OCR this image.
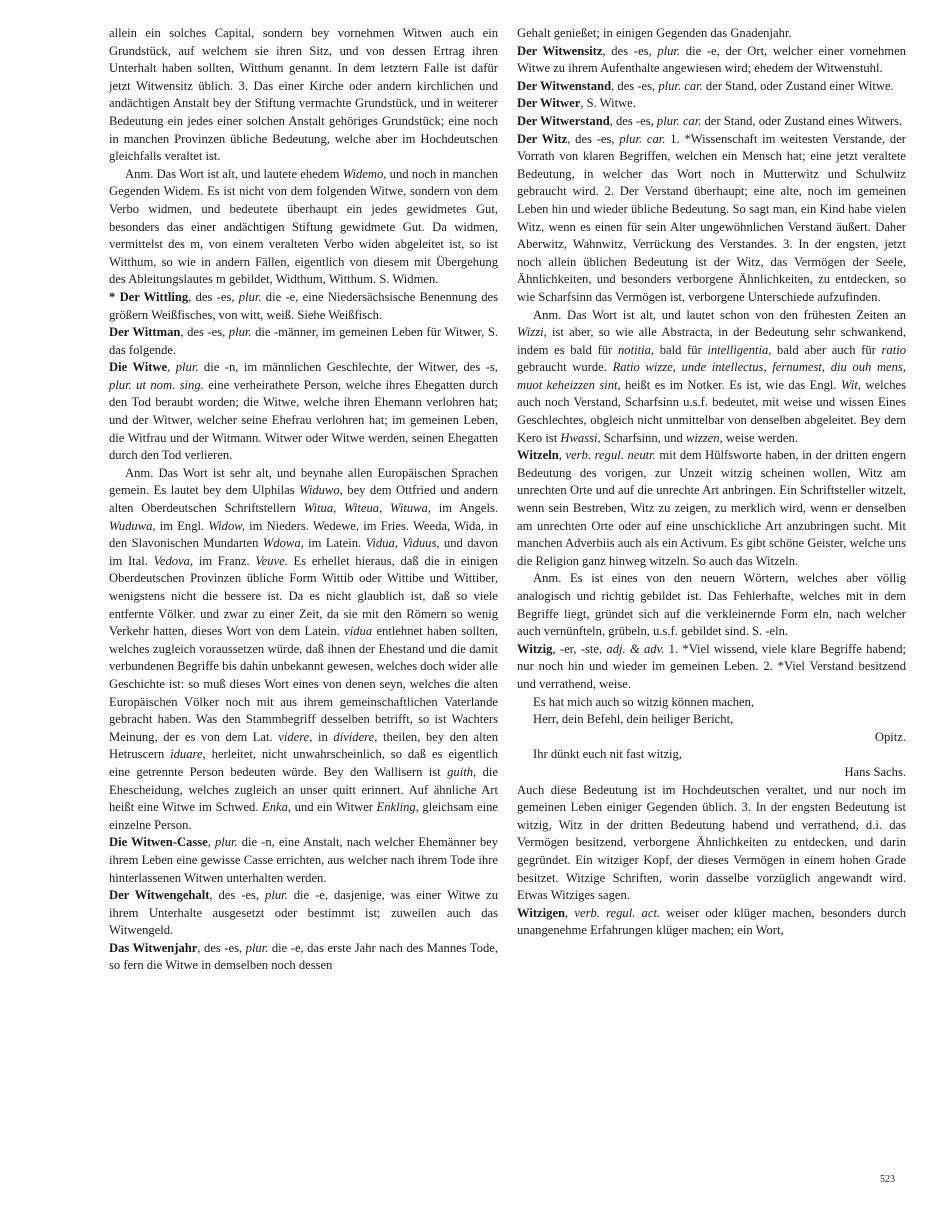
allein ein solches Capital, sondern bey vornehmen Witwen auch ein Grundstück, auf welchem sie ihren Sitz, und von dessen Ertrag ihren Unterhalt haben sollten, Witthum genannt. In dem letztern Falle ist dafür jetzt Witwensitz üblich. 3. Das einer Kirche oder andern kirchlichen und andächtigen Anstalt bey der Stiftung vermachte Grundstück, und in weiterer Bedeutung ein jedes einer solchen Anstalt gehöriges Grundstück; eine noch in manchen Provinzen übliche Bedeutung, welche aber im Hochdeutschen gleichfalls veraltet ist.

Anm. Das Wort ist alt, und lautete ehedem Widemo, und noch in manchen Gegenden Widem. Es ist nicht von dem folgenden Witwe, sondern von dem Verbo widmen, und bedeutete überhaupt ein jedes gewidmetes Gut, besonders das einer andächtigen Stiftung gewidmete Gut. Da widmen, vermittelst des m, von einem veralteten Verbo widen abgeleitet ist, so ist Witthum, so wie in andern Fällen, eigentlich von diesem mit Übergehung des Ableitungslautes m gebildet, Widthum, Witthum. S. Widmen.

* Der Wittling, des -es, plur. die -e, eine Niedersächsische Benennung des größern Weißfisches, von witt, weiß. Siehe Weißfisch.

Der Wittman, des -es, plur. die -männer, im gemeinen Leben für Witwer, S. das folgende.

Die Witwe, plur. die -n, im männlichen Geschlechte, der Witwer, des -s, plur. ut nom. sing. eine verheirathete Person, welche ihres Ehegatten durch den Tod beraubt worden; die Witwe, welche ihren Ehemann verlohren hat; und der Witwer, welcher seine Ehefrau verlohren hat; im gemeinen Leben, die Witfrau und der Witmann. Witwer oder Witwe werden, seinen Ehegatten durch den Tod verlieren.

Anm. Das Wort ist sehr alt, und beynahe allen Europäischen Sprachen gemein. Es lautet bey dem Ulphilas Widuwo, bey dem Ottfried und andern alten Oberdeutschen Schriftstellern Witua, Witeua, Wituwa, im Angels. Wuduwa, im Engl. Widow, im Nieders. Wedewe, im Fries. Weeda, Wida, in den Slavonischen Mundarten Wdowa, im Latein. Vidua, Viduus, und davon im Ital. Vedova, im Franz. Veuve. Es erhellet hieraus, daß die in einigen Oberdeutschen Provinzen übliche Form Wittib oder Wittibe und Wittiber, wenigstens nicht die bessere ist. Da es nicht glaublich ist, daß so viele entfernte Völker. und zwar zu einer Zeit, da sie mit den Römern so wenig Verkehr hatten, dieses Wort von dem Latein. vidua entlehnet haben sollten, welches zugleich voraussetzen würde, daß ihnen der Ehestand und die damit verbundenen Begriffe bis dahin unbekannt gewesen, welches doch wider alle Geschichte ist: so muß dieses Wort eines von denen seyn, welches die alten Europäischen Völker noch mit aus ihrem gemeinschaftlichen Vaterlande gebracht haben. Was den Stammbegriff desselben betrifft, so ist Wachters Meinung, der es von dem Lat. videre, in dividere, theilen, bey den alten Hetruscern iduare, herleitet, nicht unwahrscheinlich, so daß es eigentlich eine getrennte Person bedeuten würde. Bey den Wallisern ist guith, die Ehescheidung, welches zugleich an unser quitt erinnert. Auf ähnliche Art heißt eine Witwe im Schwed. Enka, und ein Witwer Enkling, gleichsam eine einzelne Person.

Die Witwen-Casse, plur. die -n, eine Anstalt, nach welcher Ehemänner bey ihrem Leben eine gewisse Casse errichten, aus welcher nach ihrem Tode ihre hinterlassenen Witwen unterhalten werden.

Der Witwengehalt, des -es, plur. die -e, dasjenige, was einer Witwe zu ihrem Unterhalte ausgesetzt oder bestimmt ist; zuweilen auch das Witwengeld.

Das Witwenjahr, des -es, plur. die -e, das erste Jahr nach des Mannes Tode, so fern die Witwe in demselben noch dessen

Gehalt genießet; in einigen Gegenden das Gnadenjahr.

Der Witwensitz, des -es, plur. die -e, der Ort, welcher einer vornehmen Witwe zu ihrem Aufenthalte angewiesen wird; ehedem der Witwenstuhl.

Der Witwenstand, des -es, plur. car. der Stand, oder Zustand einer Witwe.

Der Witwer, S. Witwe.

Der Witwerstand, des -es, plur. car. der Stand, oder Zustand eines Witwers.

Der Witz, des -es, plur. car. 1. *Wissenschaft im weitesten Verstande, der Vorrath von klaren Begriffen, welchen ein Mensch hat; eine jetzt veraltete Bedeutung, in welcher das Wort noch in Mutterwitz und Schulwitz gebraucht wird. 2. Der Verstand überhaupt; eine alte, noch im gemeinen Leben hin und wieder übliche Bedeutung. So sagt man, ein Kind habe vielen Witz, wenn es einen für sein Alter ungewöhnlichen Verstand äußert. Daher Aberwitz, Wahnwitz, Verrückung des Verstandes. 3. In der engsten, jetzt noch allein üblichen Bedeutung ist der Witz, das Vermögen der Seele, Ähnlichkeiten, und besonders verborgene Ähnlichkeiten, zu entdecken, so wie Scharfsinn das Vermögen ist, verborgene Unterschiede aufzufinden.

Anm. Das Wort ist alt, und lautet schon von den frühesten Zeiten an Wizzi, ist aber, so wie alle Abstracta, in der Bedeutung sehr schwankend, indem es bald für notitia, bald für intelligentia, bald aber auch für ratio gebraucht wurde. Ratio wizze, unde intellectus, fernumest, diu ouh mens, muot keheizzen sint, heißt es im Notker. Es ist, wie das Engl. Wit, welches auch noch Verstand, Scharfsinn u.s.f. bedeutet, mit weise und wissen Eines Geschlechtes, obgleich nicht unmittelbar von denselben abgeleitet. Bey dem Kero ist Hwassi, Scharfsinn, und wizzen, weise werden.

Witzeln, verb. regul. neutr. mit dem Hülfsworte haben, in der dritten engern Bedeutung des vorigen, zur Unzeit witzig scheinen wollen, Witz am unrechten Orte und auf die unrechte Art anbringen. Ein Schriftsteller witzelt, wenn sein Bestreben, Witz zu zeigen, zu merklich wird, wenn er denselben am unrechten Orte oder auf eine unschickliche Art anzubringen sucht. Mit manchen Adverbiis auch als ein Activum. Es gibt schöne Geister, welche uns die Religion ganz hinweg witzeln. So auch das Witzeln.

Anm. Es ist eines von den neuern Wörtern, welches aber völlig analogisch und richtig gebildet ist. Das Fehlerhafte, welches mit in dem Begriffe liegt, gründet sich auf die verkleinernde Form eln, nach welcher auch vernünfteln, grübeln, u.s.f. gebildet sind. S. -eln.

Witzig, -er, -ste, adj. & adv. 1. *Viel wissend, viele klare Begriffe habend; nur noch hin und wieder im gemeinen Leben. 2. *Viel Verstand besitzend und verrathend, weise.

Es hat mich auch so witzig können machen,

Herr, dein Befehl, dein heiliger Bericht,

Opitz.

Ihr dünkt euch nit fast witzig,

Hans Sachs.

Auch diese Bedeutung ist im Hochdeutschen veraltet, und nur noch im gemeinen Leben einiger Gegenden üblich. 3. In der engsten Bedeutung ist witzig, Witz in der dritten Bedeutung habend und verrathend, d.i. das Vermögen besitzend, verborgene Ähnlichkeiten zu entdecken, und darin gegründet. Ein witziger Kopf, der dieses Vermögen in einem hohen Grade besitzet. Witzige Schriften, worin dasselbe vorzüglich angewandt wird. Etwas Witziges sagen.

Witzigen, verb. regul. act. weiser oder klüger machen, besonders durch unangenehme Erfahrungen klüger machen; ein Wort,

523
